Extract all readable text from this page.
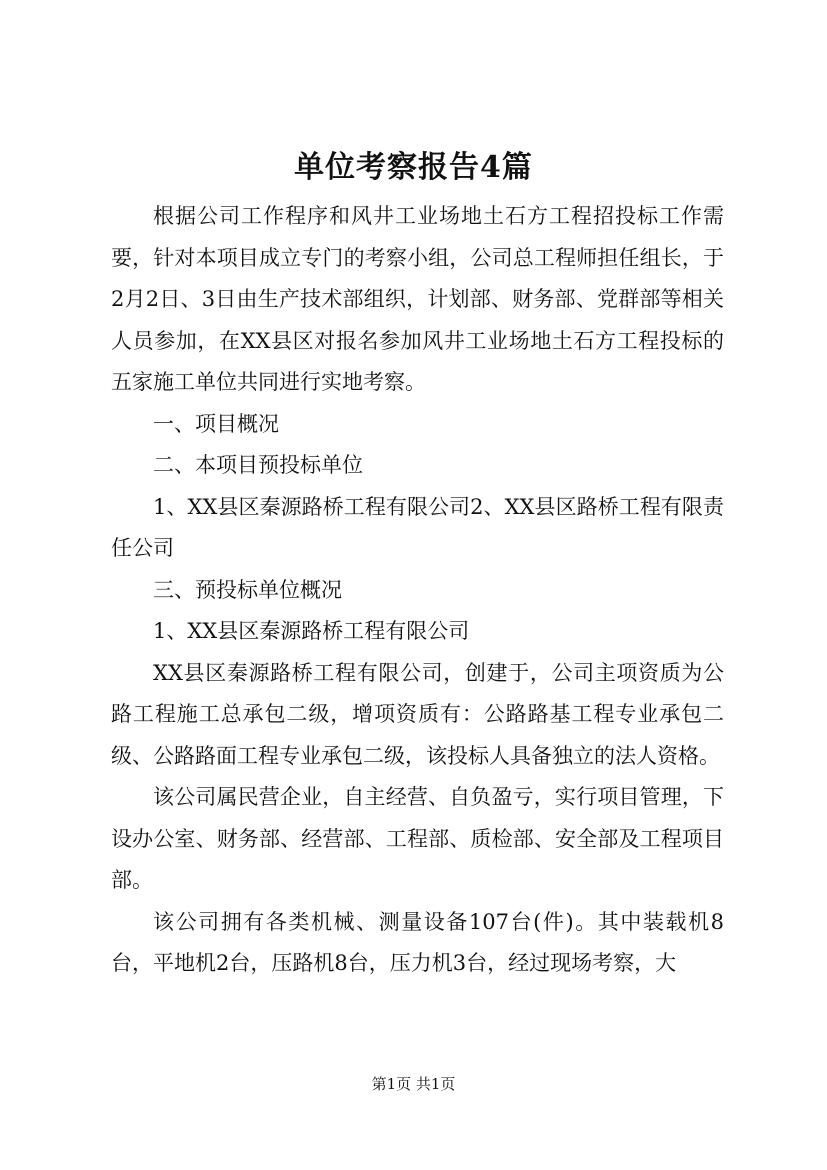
单位考察报告4篇

根据公司工作程序和风井工业场地土石方工程招投标工作需要，针对本项目成立专门的考察小组，公司总工程师担任组长，于2月2日、3日由生产技术部组织，计划部、财务部、党群部等相关人员参加，在XX县区对报名参加风井工业场地土石方工程投标的五家施工单位共同进行实地考察。

一、项目概况

二、本项目预投标单位

1、XX县区秦源路桥工程有限公司2、XX县区路桥工程有限责任公司

三、预投标单位概况

1、XX县区秦源路桥工程有限公司

XX县区秦源路桥工程有限公司，创建于，公司主项资质为公路工程施工总承包二级，增项资质有：公路路基工程专业承包二级、公路路面工程专业承包二级，该投标人具备独立的法人资格。

该公司属民营企业，自主经营、自负盈亏，实行项目管理，下设办公室、财务部、经营部、工程部、质检部、安全部及工程项目部。

该公司拥有各类机械、测量设备107台(件)。其中装载机8台，平地机2台，压路机8台，压力机3台，经过现场考察，大

第1页 共1页
